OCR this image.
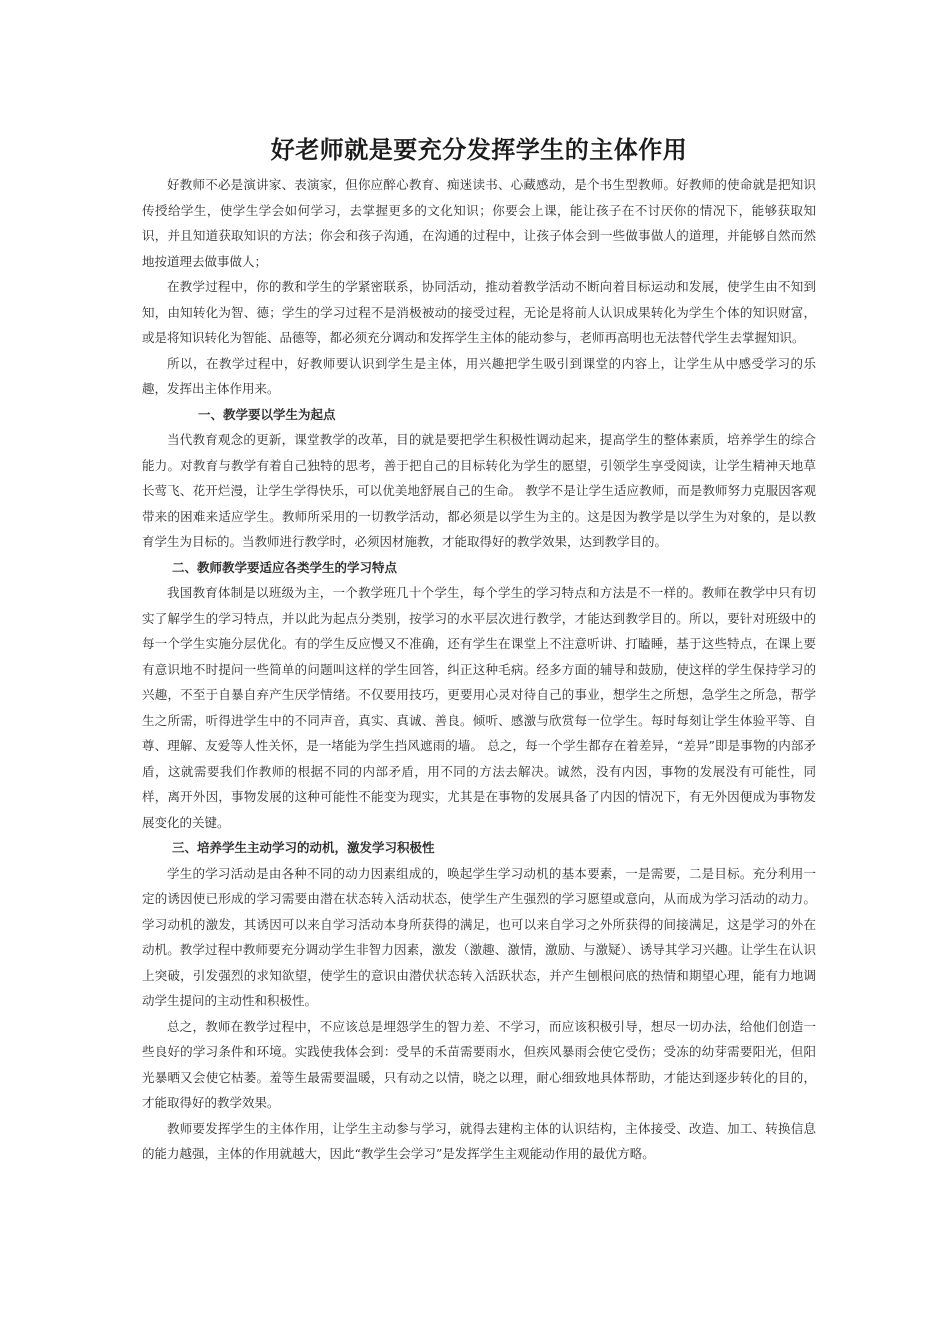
好老师就是要充分发挥学生的主体作用

好教师不必是演讲家、表演家，但你应醉心教育、痴迷读书、心藏感动，是个书生型教师。好教师的使命就是把知识传授给学生，使学生学会如何学习，去掌握更多的文化知识；你要会上课，能让孩子在不讨厌你的情况下，能够获取知识，并且知道获取知识的方法；你会和孩子沟通，在沟通的过程中，让孩子体会到一些做事做人的道理，并能够自然而然地按道理去做事做人；

在教学过程中，你的教和学生的学紧密联系，协同活动，推动着教学活动不断向着目标运动和发展，使学生由不知到知，由知转化为智、德；学生的学习过程不是消极被动的接受过程，无论是将前人认识成果转化为学生个体的知识财富，或是将知识转化为智能、品德等，都必须充分调动和发挥学生主体的能动参与，老师再高明也无法替代学生去掌握知识。

所以，在教学过程中，好教师要认识到学生是主体，用兴趣把学生吸引到课堂的内容上，让学生从中感受学习的乐趣，发挥出主体作用来。

一、教学要以学生为起点

当代教育观念的更新，课堂教学的改革，目的就是要把学生积极性调动起来，提高学生的整体素质，培养学生的综合能力。对教育与教学有着自己独特的思考，善于把自己的目标转化为学生的愿望，引领学生享受阅读，让学生精神天地草长莺飞、花开烂漫，让学生学得快乐，可以优美地舒展自己的生命。 教学不是让学生适应教师，而是教师努力克服因客观带来的困难来适应学生。教师所采用的一切教学活动，都必须是以学生为主的。这是因为教学是以学生为对象的，是以教育学生为目标的。当教师进行教学时，必须因材施教，才能取得好的教学效果，达到教学目的。

二、教师教学要适应各类学生的学习特点

我国教育体制是以班级为主，一个教学班几十个学生，每个学生的学习特点和方法是不一样的。教师在教学中只有切实了解学生的学习特点，并以此为起点分类别，按学习的水平层次进行教学，才能达到教学目的。所以，要针对班级中的每一个学生实施分层优化。有的学生反应慢又不准确，还有学生在课堂上不注意听讲、打瞌睡，基于这些特点，在课上要有意识地不时提问一些简单的问题叫这样的学生回答，纠正这种毛病。经多方面的辅导和鼓励，使这样的学生保持学习的兴趣，不至于自暴自弃产生厌学情绪。不仅要用技巧，更要用心灵对待自己的事业，想学生之所想，急学生之所急，帮学生之所需，听得进学生中的不同声音，真实、真诚、善良。倾听、感激与欣赏每一位学生。每时每刻让学生体验平等、自尊、理解、友爱等人性关怀，是一堵能为学生挡风遮雨的墙。 总之，每一个学生都存在着差异，“差异”即是事物的内部矛盾，这就需要我们作教师的根据不同的内部矛盾，用不同的方法去解决。诚然，没有内因，事物的发展没有可能性，同样，离开外因，事物发展的这种可能性不能变为现实，尤其是在事物的发展具备了内因的情况下，有无外因便成为事物发展变化的关键。

三、培养学生主动学习的动机，激发学习积极性

学生的学习活动是由各种不同的动力因素组成的，唤起学生学习动机的基本要素，一是需要，二是目标。充分利用一定的诱因使已形成的学习需要由潜在状态转入活动状态，使学生产生强烈的学习愿望或意向，从而成为学习活动的动力。学习动机的激发，其诱因可以来自学习活动本身所获得的满足，也可以来自学习之外所获得的间接满足，这是学习的外在动机。教学过程中教师要充分调动学生非智力因素，激发（激趣、激情，激励、与激疑）、诱导其学习兴趣。让学生在认识上突破，引发强烈的求知欲望，使学生的意识由潜伏状态转入活跃状态，并产生刨根问底的热情和期望心理，能有力地调动学生提问的主动性和积极性。

总之，教师在教学过程中，不应该总是埋怨学生的智力差、不学习，而应该积极引导，想尽一切办法，给他们创造一些良好的学习条件和环境。实践使我体会到：受旱的禾苗需要雨水，但疾风暴雨会使它受伤；受冻的幼芽需要阳光，但阳光暴晒又会使它枯萎。羞等生最需要温暖，只有动之以情，晓之以理，耐心细致地具体帮助，才能达到逐步转化的目的，才能取得好的教学效果。

教师要发挥学生的主体作用，让学生主动参与学习，就得去建构主体的认识结构，主体接受、改造、加工、转换信息的能力越强，主体的作用就越大，因此“教学生会学习”是发挥学生主观能动作用的最优方略。
